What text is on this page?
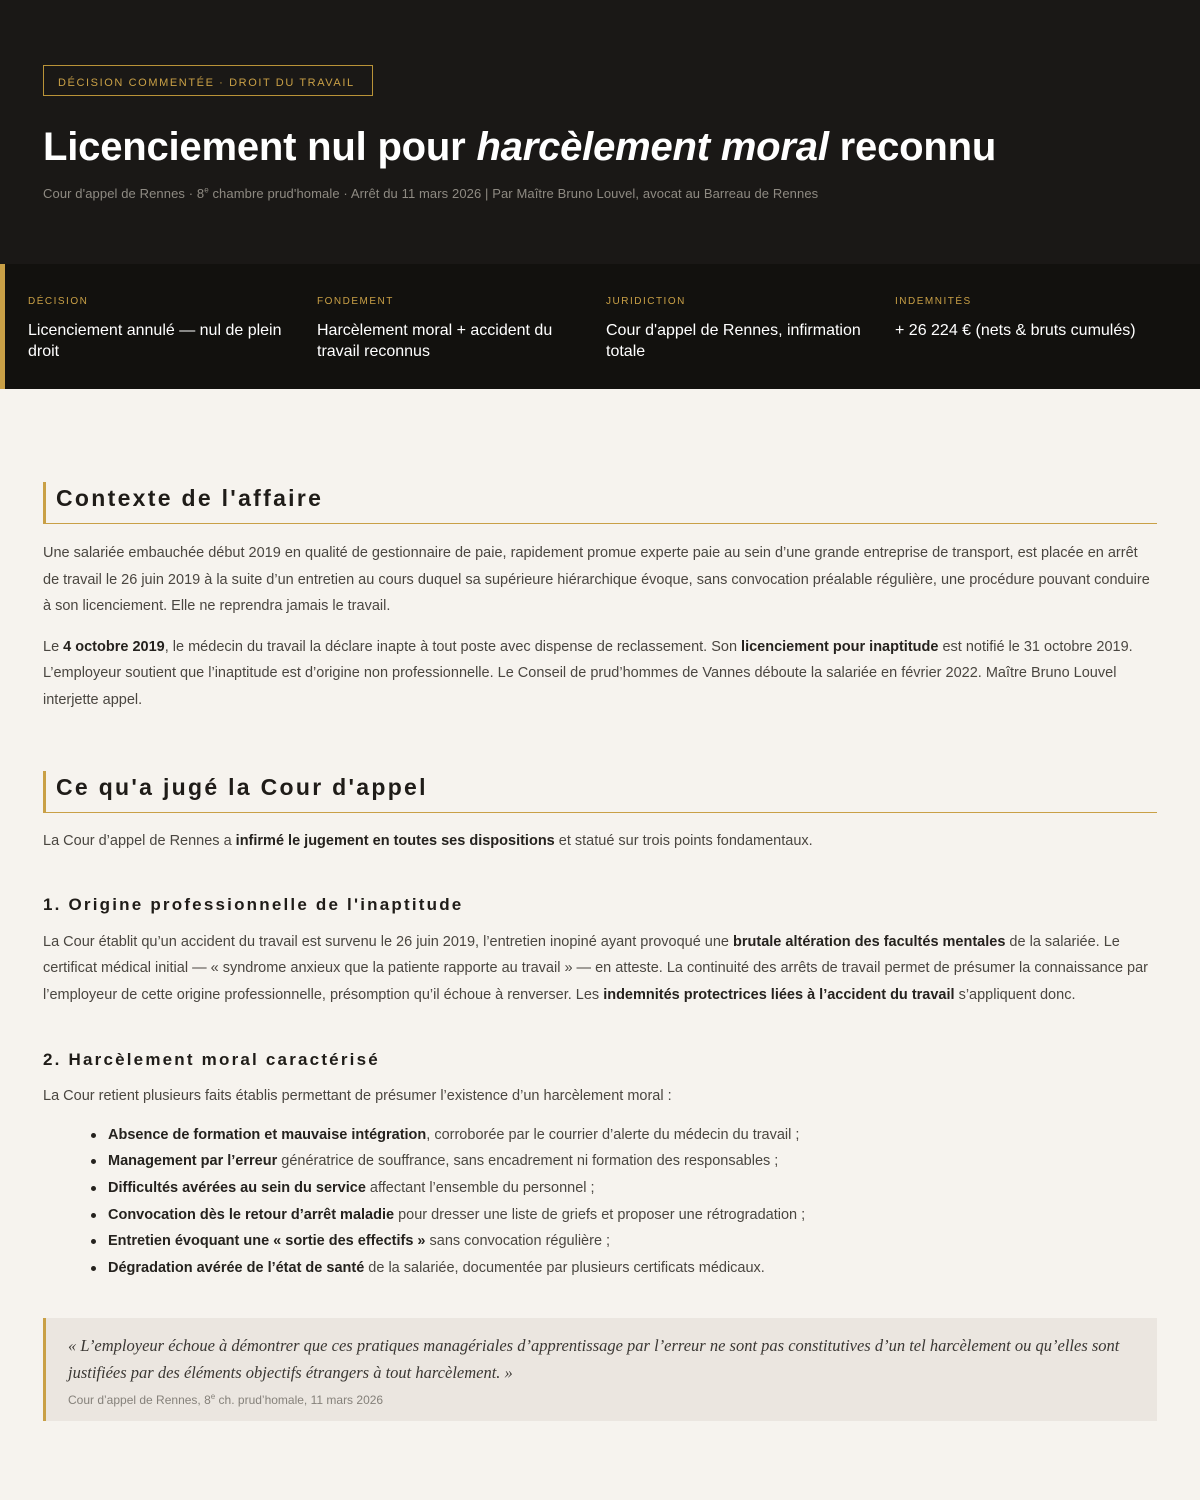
DÉCISION COMMENTÉE · DROIT DU TRAVAIL
Licenciement nul pour harcèlement moral reconnu
Cour d'appel de Rennes · $8^e$ chambre prud'homale · Arrêt du 11 mars 2026 | Par Maître Bruno Louvel, avocat au Barreau de Rennes
DÉCISION
Licenciement annulé — nul de plein droit
FONDEMENT
Harcèlement moral + accident du travail reconnus
JURIDICTION
Cour d'appel de Rennes, infirmation totale
INDEMNITÉS
+ 26 224 € (nets & bruts cumulés)
Contexte de l'affaire

Une salariée embauchée début 2019 en qualité de gestionnaire de paie, rapidement promue experte paie au sein d’une grande entreprise de transport, est placée en arrêt de travail le 26 juin 2019 à la suite d’un entretien au cours duquel sa supérieure hiérarchique évoque, sans convocation préalable régulière, une procédure pouvant conduire à son licenciement. Elle ne reprendra jamais le travail.

Le 4 octobre 2019, le médecin du travail la déclare inapte à tout poste avec dispense de reclassement. Son licenciement pour inaptitude est notifié le 31 octobre 2019. L’employeur soutient que l’inaptitude est d’origine non professionnelle. Le Conseil de prud’hommes de Vannes déboute la salariée en février 2022. Maître Bruno Louvel interjette appel.

Ce qu'a jugé la Cour d'appel

La Cour d’appel de Rennes a infirmé le jugement en toutes ses dispositions et statué sur trois points fondamentaux.

1. Origine professionnelle de l'inaptitude

La Cour établit qu’un accident du travail est survenu le 26 juin 2019, l’entretien inopiné ayant provoqué une brutale altération des facultés mentales de la salariée. Le certificat médical initial — « syndrome anxieux que la patiente rapporte au travail » — en atteste. La continuité des arrêts de travail permet de présumer la connaissance par l’employeur de cette origine professionnelle, présomption qu’il échoue à renverser. Les indemnités protectrices liées à l’accident du travail s’appliquent donc.

2. Harcèlement moral caractérisé

La Cour retient plusieurs faits établis permettant de présumer l’existence d’un harcèlement moral :

Absence de formation et mauvaise intégration, corroborée par le courrier d’alerte du médecin du travail ;
Management par l’erreur génératrice de souffrance, sans encadrement ni formation des responsables ;
Difficultés avérées au sein du service affectant l’ensemble du personnel ;
Convocation dès le retour d’arrêt maladie pour dresser une liste de griefs et proposer une rétrogradation ;
Entretien évoquant une « sortie des effectifs » sans convocation régulière ;
Dégradation avérée de l’état de santé de la salariée, documentée par plusieurs certificats médicaux.
« L’employeur échoue à démontrer que ces pratiques managériales d’apprentissage par l’erreur ne sont pas constitutives d’un tel harcèlement ou qu’elles sont justifiées par des éléments objectifs étrangers à tout harcèlement. »
Cour d’appel de Rennes, 8e ch. prud’homale, 11 mars 2026
